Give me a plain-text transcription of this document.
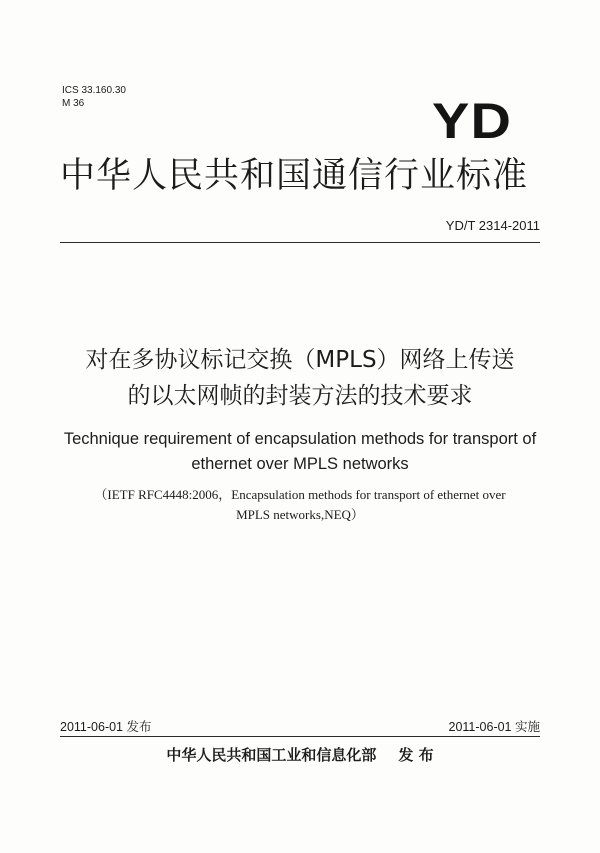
ICS 33.160.30
M 36	YD
中华人民共和国通信行业标准
YD/T 2314-2011
对在多协议标记交换（MPLS）网络上传送
的以太网帧的封装方法的技术要求
Technique requirement of encapsulation methods for transport of
ethernet over MPLS networks
（IETF RFC4448:2006，Encapsulation methods for transport of ethernet over
MPLS networks,NEQ）
2011-06-01 发布	2011-06-01 实施
中华人民共和国工业和信息化部 发 布
